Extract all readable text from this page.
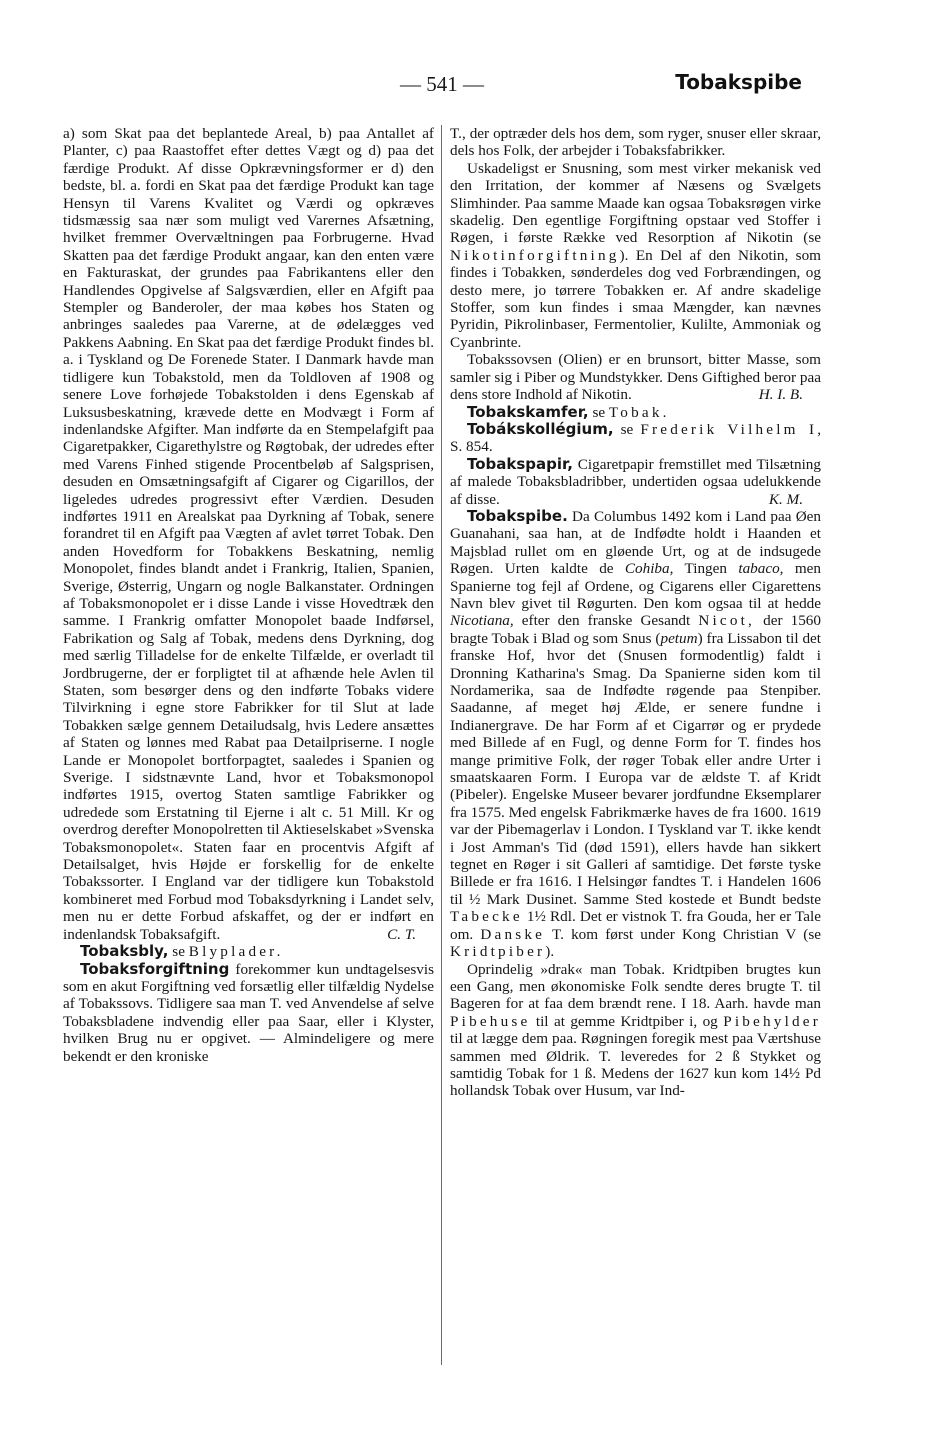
— 541 —	Tobakspibe

a) som Skat paa det beplantede Areal, b) paa Antallet af Planter, c) paa Raastoffet efter dettes Vægt og d) paa det færdige Produkt. Af disse Opkrævningsformer er d) den bedste, bl. a. fordi en Skat paa det færdige Produkt kan tage Hensyn til Varens Kvalitet og Værdi og opkræves tidsmæssig saa nær som muligt ved Varernes Afsætning, hvilket fremmer Overvæltningen paa Forbrugerne. Hvad Skatten paa det færdige Produkt angaar, kan den enten være en Fakturaskat, der grundes paa Fabrikantens eller den Handlendes Opgivelse af Salgsværdien, eller en Afgift paa Stempler og Banderoler, der maa købes hos Staten og anbringes saaledes paa Varerne, at de ødelægges ved Pakkens Aabning. En Skat paa det færdige Produkt findes bl. a. i Tyskland og De Forenede Stater. I Danmark havde man tidligere kun Tobakstold, men da Toldloven af 1908 og senere Love forhøjede Tobakstolden i dens Egenskab af Luksusbeskatning, krævede dette en Modvægt i Form af indenlandske Afgifter. Man indførte da en Stempelafgift paa Cigaretpakker, Cigarethylstre og Røgtobak, der udredes efter med Varens Finhed stigende Procentbeløb af Salgsprisen, desuden en Omsætningsafgift af Cigarer og Cigarillos, der ligeledes udredes progressivt efter Værdien. Desuden indførtes 1911 en Arealskat paa Dyrkning af Tobak, senere forandret til en Afgift paa Vægten af avlet tørret Tobak. Den anden Hovedform for Tobakkens Beskatning, nemlig Monopolet, findes blandt andet i Frankrig, Italien, Spanien, Sverige, Østerrig, Ungarn og nogle Balkanstater. Ordningen af Tobaksmonopolet er i disse Lande i visse Hovedtræk den samme. I Frankrig omfatter Monopolet baade Indførsel, Fabrikation og Salg af Tobak, medens dens Dyrkning, dog med særlig Tilladelse for de enkelte Tilfælde, er overladt til Jordbrugerne, der er forpligtet til at afhænde hele Avlen til Staten, som besørger dens og den indførte Tobaks videre Tilvirkning i egne store Fabrikker for til Slut at lade Tobakken sælge gennem Detailudsalg, hvis Ledere ansættes af Staten og lønnes med Rabat paa Detailpriserne. I nogle Lande er Monopolet bortforpagtet, saaledes i Spanien og Sverige. I sidstnævnte Land, hvor et Tobaksmonopol indførtes 1915, overtog Staten samtlige Fabrikker og udredede som Erstatning til Ejerne i alt c. 51 Mill. Kr og overdrog derefter Monopolretten til Aktieselskabet »Svenska Tobaksmonopolet«. Staten faar en procentvis Afgift af Detailsalget, hvis Højde er forskellig for de enkelte Tobakssorter. I England var der tidligere kun Tobakstold kombineret med Forbud mod Tobaksdyrkning i Landet selv, men nu er dette Forbud afskaffet, og der er indført en indenlandsk Tobaksafgift.	C. T.

Tobaksbly, se Blyplader.

Tobaksforgiftning forekommer kun undtagelsesvis som en akut Forgiftning ved forsætlig eller tilfældig Nydelse af Tobakssovs. Tidligere saa man T. ved Anvendelse af selve Tobaksbladene indvendig eller paa Saar, eller i Klyster, hvilken Brug nu er opgivet. — Almindeligere og mere bekendt er den kroniske

T., der optræder dels hos dem, som ryger, snuser eller skraar, dels hos Folk, der arbejder i Tobaksfabrikker.

Uskadeligst er Snusning, som mest virker mekanisk ved den Irritation, der kommer af Næsens og Svælgets Slimhinder. Paa samme Maade kan ogsaa Tobaksrøgen virke skadelig. Den egentlige Forgiftning opstaar ved Stoffer i Røgen, i første Række ved Resorption af Nikotin (se Nikotinforgiftning). En Del af den Nikotin, som findes i Tobakken, sønderdeles dog ved Forbrændingen, og desto mere, jo tørrere Tobakken er. Af andre skadelige Stoffer, som kun findes i smaa Mængder, kan nævnes Pyridin, Pikrolinbaser, Fermentolier, Kulilte, Ammoniak og Cyanbrinte.

Tobakssovsen (Olien) er en brunsort, bitter Masse, som samler sig i Piber og Mundstykker. Dens Giftighed beror paa dens store Indhold af Nikotin.	H. I. B.

Tobakskamfer, se Tobak.

Tobákskollégium, se Frederik Vilhelm I, S. 854.

Tobakspapir, Cigaretpapir fremstillet med Tilsætning af malede Tobaksbladribber, undertiden ogsaa udelukkende af disse.	K. M.

Tobakspibe. Da Columbus 1492 kom i Land paa Øen Guanahani, saa han, at de Indfødte holdt i Haanden et Majsblad rullet om en gløende Urt, og at de indsugede Røgen. Urten kaldte de Cohiba, Tingen tabaco, men Spanierne tog fejl af Ordene, og Cigarens eller Cigarettens Navn blev givet til Røgurten. Den kom ogsaa til at hedde Nicotiana, efter den franske Gesandt Nicot, der 1560 bragte Tobak i Blad og som Snus (petum) fra Lissabon til det franske Hof, hvor det (Snusen formodentlig) faldt i Dronning Katharina's Smag. Da Spanierne siden kom til Nordamerika, saa de Indfødte røgende paa Stenpiber. Saadanne, af meget høj Ælde, er senere fundne i Indianergrave. De har Form af et Cigarrør og er prydede med Billede af en Fugl, og denne Form for T. findes hos mange primitive Folk, der røger Tobak eller andre Urter i smaatskaaren Form. I Europa var de ældste T. af Kridt (Pibeler). Engelske Museer bevarer jordfundne Eksemplarer fra 1575. Med engelsk Fabrikmærke haves de fra 1600. 1619 var der Pibemagerlav i London. I Tyskland var T. ikke kendt i Jost Amman's Tid (død 1591), ellers havde han sikkert tegnet en Røger i sit Galleri af samtidige. Det første tyske Billede er fra 1616. I Helsingør fandtes T. i Handelen 1606 til ½ Mark Dusinet. Samme Sted kostede et Bundt bedste Tabecke 1½ Rdl. Det er vistnok T. fra Gouda, her er Tale om. Danske T. kom først under Kong Christian V (se Kridtpiber).

Oprindelig »drak« man Tobak. Kridtpiben brugtes kun een Gang, men økonomiske Folk sendte deres brugte T. til Bageren for at faa dem brændt rene. I 18. Aarh. havde man Pibehuse til at gemme Kridtpiber i, og Pibehylder til at lægge dem paa. Røgningen foregik mest paa Værtshuse sammen med Øldrik. T. leveredes for 2 ß Stykket og samtidig Tobak for 1 ß. Medens der 1627 kun kom 14½ Pd hollandsk Tobak over Husum, var Ind-
